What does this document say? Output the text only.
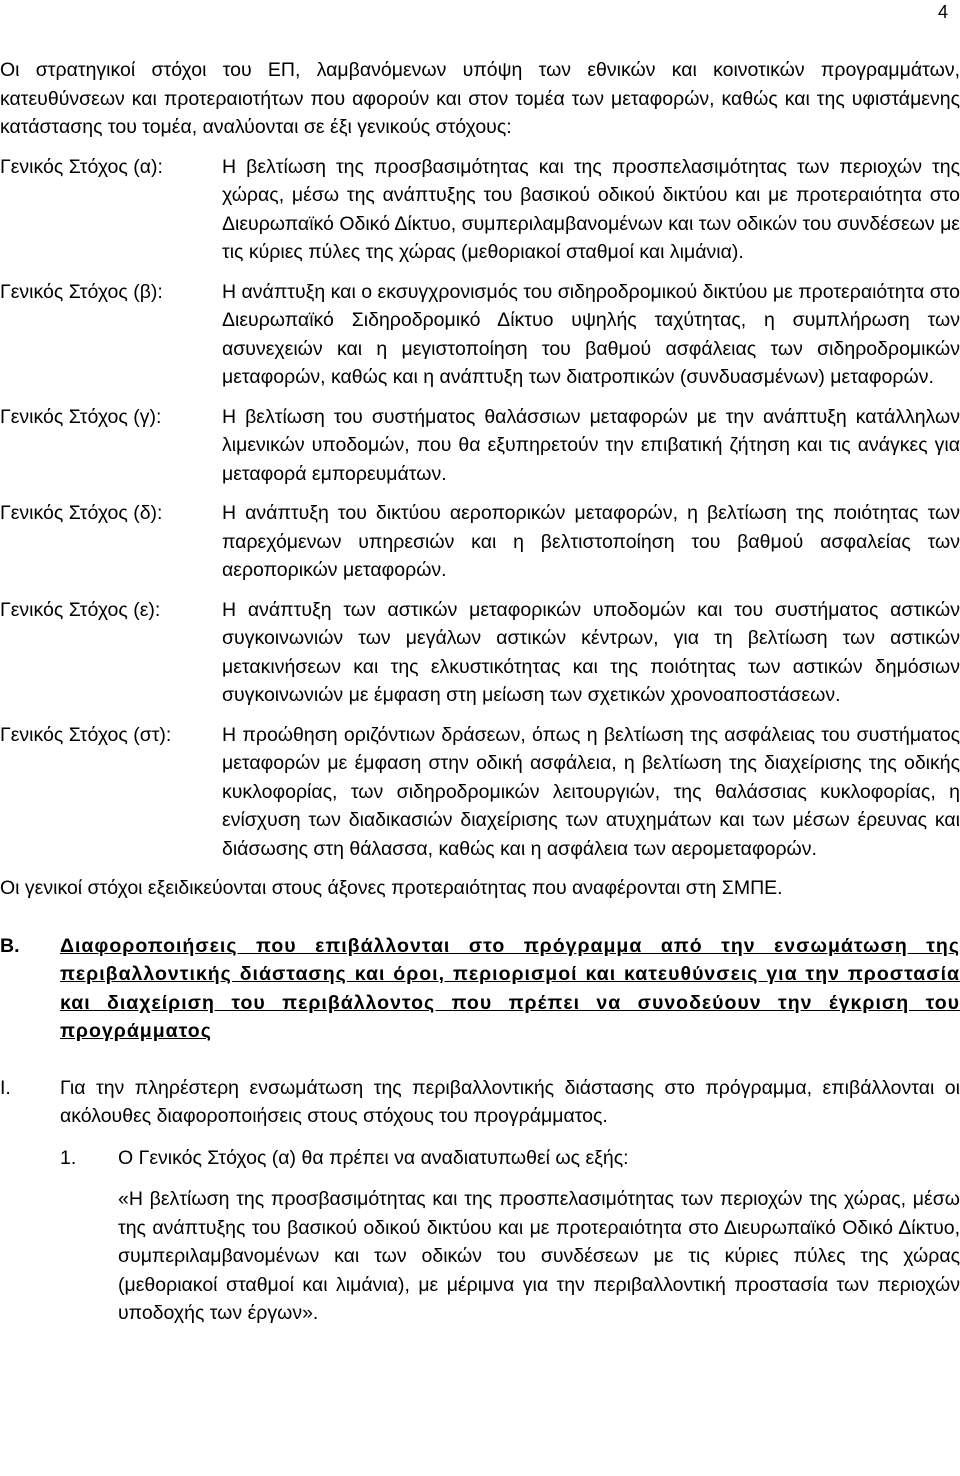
4

Οι στρατηγικοί στόχοι του ΕΠ, λαμβανόμενων υπόψη των εθνικών και κοινοτικών προγραμμάτων, κατευθύνσεων και προτεραιοτήτων που αφορούν και στον τομέα των μεταφορών, καθώς και της υφιστάμενης κατάστασης του τομέα, αναλύονται σε έξι γενικούς στόχους:

Γενικός Στόχος (α):	Η βελτίωση της προσβασιμότητας και της προσπελασιμότητας των περιοχών της χώρας, μέσω της ανάπτυξης του βασικού οδικού δικτύου και με προτεραιότητα στο Διευρωπαϊκό Οδικό Δίκτυο, συμπεριλαμβανομένων και των οδικών του συνδέσεων με τις κύριες πύλες της χώρας (μεθοριακοί σταθμοί και λιμάνια).
Γενικός Στόχος (β):	Η ανάπτυξη και ο εκσυγχρονισμός του σιδηροδρομικού δικτύου με προτεραιότητα στο Διευρωπαϊκό Σιδηροδρομικό Δίκτυο υψηλής ταχύτητας, η συμπλήρωση των ασυνεχειών και η μεγιστοποίηση του βαθμού ασφάλειας των σιδηροδρομικών μεταφορών, καθώς και η ανάπτυξη των διατροπικών (συνδυασμένων) μεταφορών.
Γενικός Στόχος (γ):	Η βελτίωση του συστήματος θαλάσσιων μεταφορών με την ανάπτυξη κατάλληλων λιμενικών υποδομών, που θα εξυπηρετούν την επιβατική ζήτηση και τις ανάγκες για μεταφορά εμπορευμάτων.
Γενικός Στόχος (δ):	Η ανάπτυξη του δικτύου αεροπορικών μεταφορών, η βελτίωση της ποιότητας των παρεχόμενων υπηρεσιών και η βελτιστοποίηση του βαθμού ασφαλείας των αεροπορικών μεταφορών.
Γενικός Στόχος (ε):	Η ανάπτυξη των αστικών μεταφορικών υποδομών και του συστήματος αστικών συγκοινωνιών των μεγάλων αστικών κέντρων, για τη βελτίωση των αστικών μετακινήσεων και της ελκυστικότητας και της ποιότητας των αστικών δημόσιων συγκοινωνιών με έμφαση στη μείωση των σχετικών χρονοαποστάσεων.
Γενικός Στόχος (στ):	Η προώθηση οριζόντιων δράσεων, όπως η βελτίωση της ασφάλειας του συστήματος μεταφορών με έμφαση στην οδική ασφάλεια, η βελτίωση της διαχείρισης της οδικής κυκλοφορίας, των σιδηροδρομικών λειτουργιών, της θαλάσσιας κυκλοφορίας, η ενίσχυση των διαδικασιών διαχείρισης των ατυχημάτων και των μέσων έρευνας και διάσωσης στη θάλασσα, καθώς και η ασφάλεια των αερομεταφορών.

Οι γενικοί στόχοι εξειδικεύονται στους άξονες προτεραιότητας που αναφέρονται στη ΣΜΠΕ.

Β.	Διαφοροποιήσεις που επιβάλλονται στο πρόγραμμα από την ενσωμάτωση της περιβαλλοντικής διάστασης και όροι, περιορισμοί και κατευθύνσεις για την προστασία και διαχείριση του περιβάλλοντος που πρέπει να συνοδεύουν την έγκριση του προγράμματος
Ι.	Για την πληρέστερη ενσωμάτωση της περιβαλλοντικής διάστασης στο πρόγραμμα, επιβάλλονται οι ακόλουθες διαφοροποιήσεις στους στόχους του προγράμματος.
1.	Ο Γενικός Στόχος (α) θα πρέπει να αναδιατυπωθεί ως εξής:

«Η βελτίωση της προσβασιμότητας και της προσπελασιμότητας των περιοχών της χώρας, μέσω της ανάπτυξης του βασικού οδικού δικτύου και με προτεραιότητα στο Διευρωπαϊκό Οδικό Δίκτυο, συμπεριλαμβανομένων και των οδικών του συνδέσεων με τις κύριες πύλες της χώρας (μεθοριακοί σταθμοί και λιμάνια), με μέριμνα για την περιβαλλοντική προστασία των περιοχών υποδοχής των έργων».
